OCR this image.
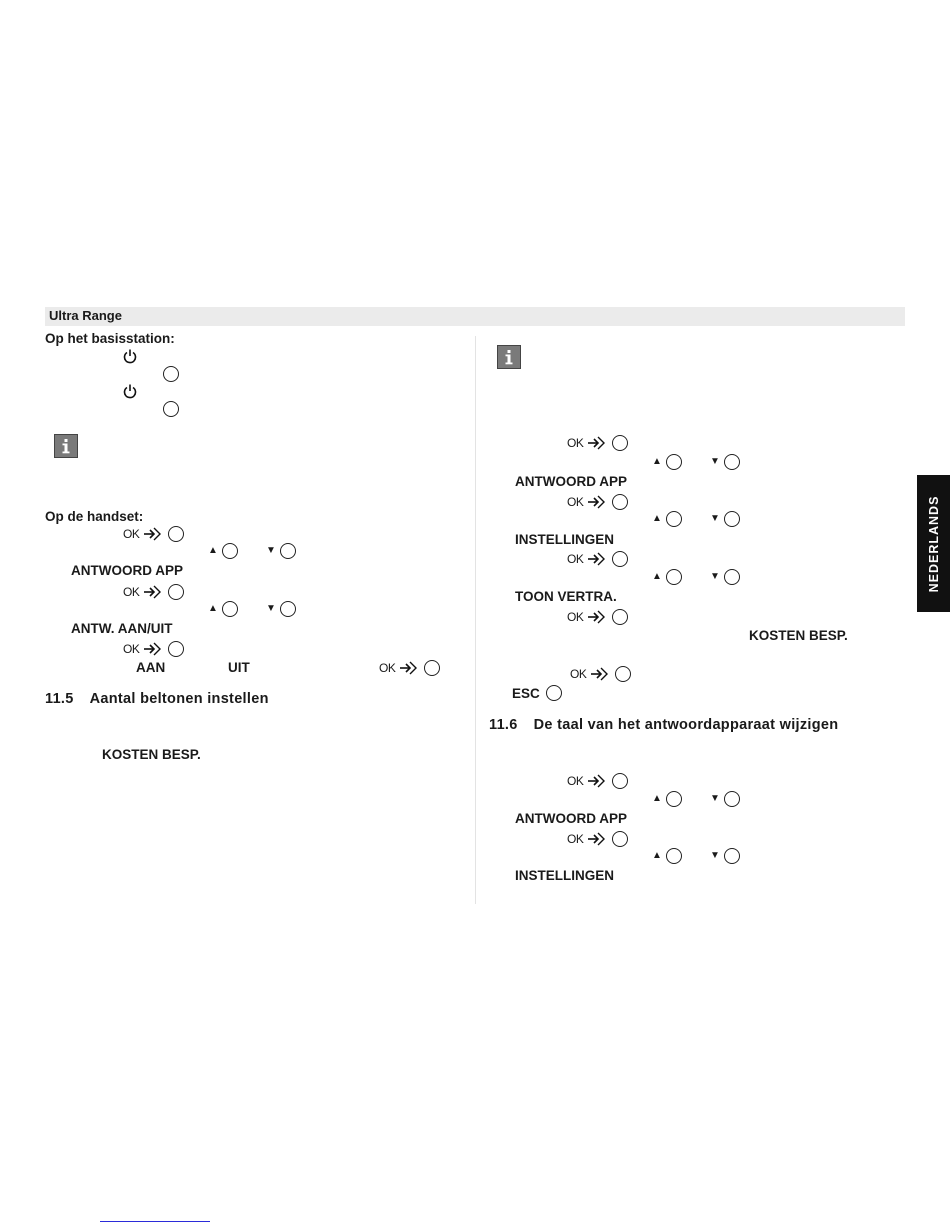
Ultra Range
Op het basisstation:
Op de handset:
OK
▲	▼
ANTWOORD APP
OK
▲	▼
ANTW. AAN/UIT
OK
AAN	UIT	OK
11.5 Aantal beltonen instellen
KOSTEN BESP.
OK
▲	▼
ANTWOORD APP
OK
▲	▼
INSTELLINGEN
OK
▲	▼
TOON VERTRA.
OK
KOSTEN BESP.
OK
ESC
11.6 De taal van het antwoordapparaat wijzigen
OK
▲	▼
ANTWOORD APP
OK
▲	▼
INSTELLINGEN
NEDERLANDS
